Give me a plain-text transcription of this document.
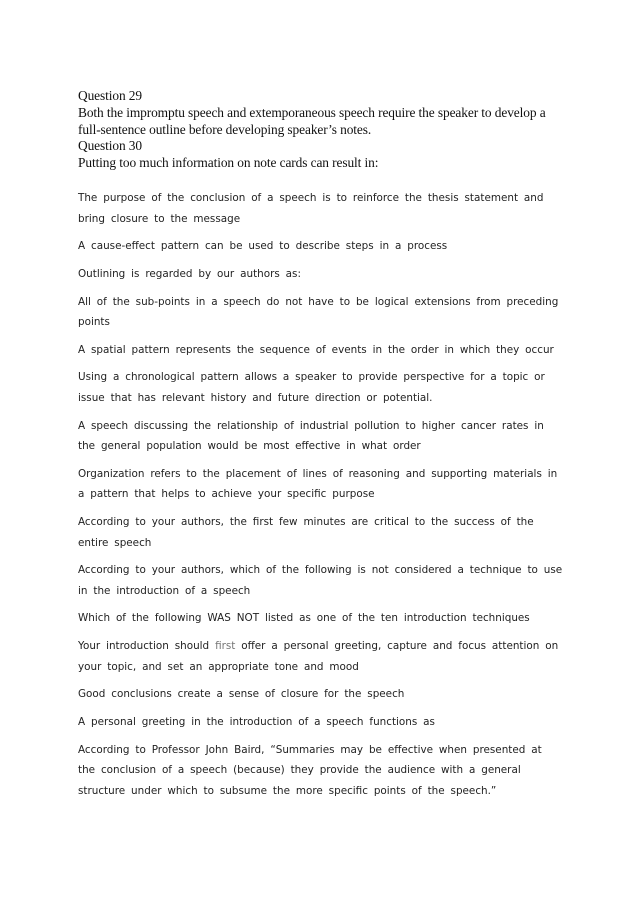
Question 29
Both the impromptu speech and extemporaneous speech require the speaker to develop a full-sentence outline before developing speaker’s notes.
Question 30
Putting too much information on note cards can result in:
The purpose of the conclusion of a speech is to reinforce the thesis statement and bring closure to the message
A cause-effect pattern can be used to describe steps in a process
Outlining is regarded by our authors as:
All of the sub-points in a speech do not have to be logical extensions from preceding points
A spatial pattern represents the sequence of events in the order in which they occur
Using a chronological pattern allows a speaker to provide perspective for a topic or issue that has relevant history and future direction or potential.
A speech discussing the relationship of industrial pollution to higher cancer rates in the general population would be most effective in what order
Organization refers to the placement of lines of reasoning and supporting materials in a pattern that helps to achieve your specific purpose
According to your authors, the first few minutes are critical to the success of the entire speech
According to your authors, which of the following is not considered a technique to use in the introduction of a speech
Which of the following WAS NOT listed as one of the ten introduction techniques
Your introduction should first offer a personal greeting, capture and focus attention on your topic, and set an appropriate tone and mood
Good conclusions create a sense of closure for the speech
A personal greeting in the introduction of a speech functions as
According to Professor John Baird, “Summaries may be effective when presented at the conclusion of a speech (because) they provide the audience with a general structure under which to subsume the more specific points of the speech.”
